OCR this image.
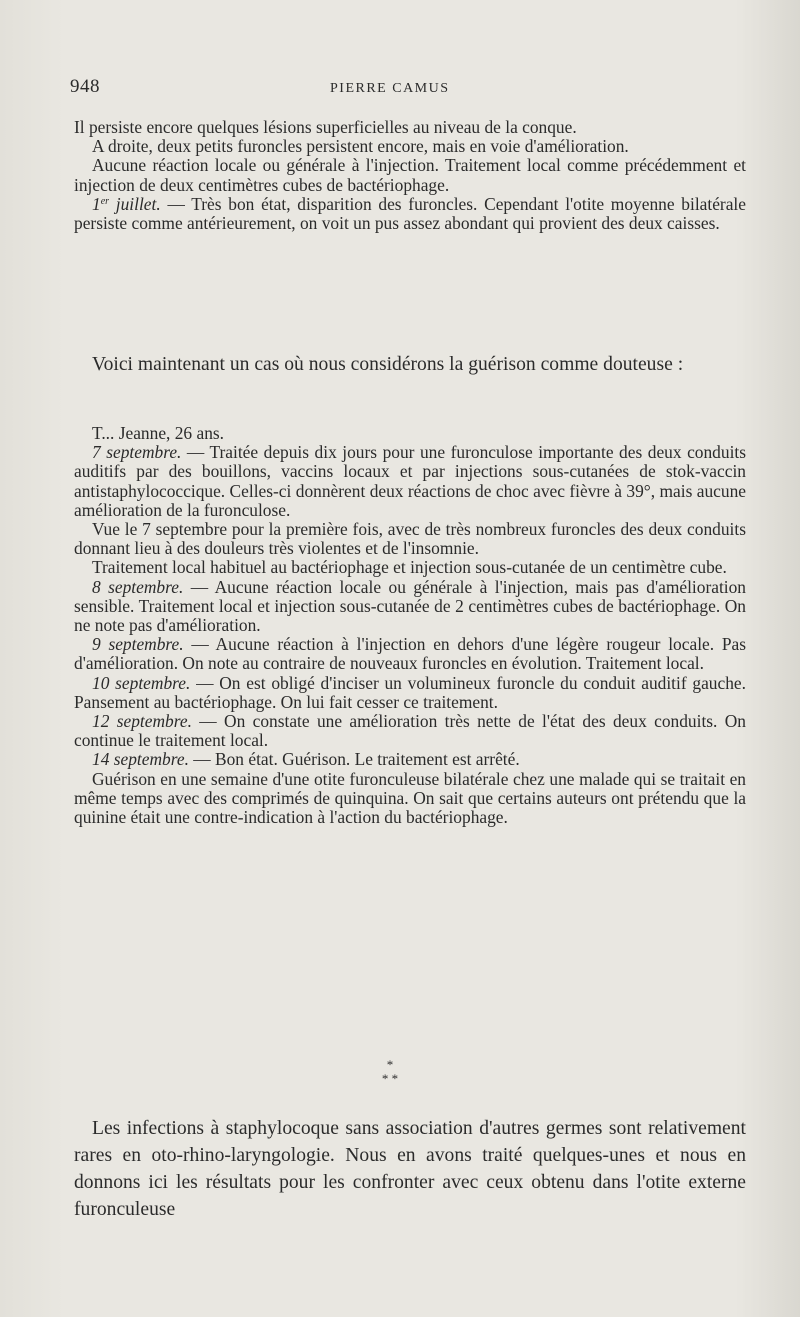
948	PIERRE CAMUS

Il persiste encore quelques lésions superficielles au niveau de la conque.

A droite, deux petits furoncles persistent encore, mais en voie d'amélioration.

Aucune réaction locale ou générale à l'injection. Traitement local comme précédemment et injection de deux centimètres cubes de bactériophage.

1er juillet. — Très bon état, disparition des furoncles. Cependant l'otite moyenne bilatérale persiste comme antérieurement, on voit un pus assez abondant qui provient des deux caisses.

Voici maintenant un cas où nous considérons la guérison comme douteuse :

T... Jeanne, 26 ans.

7 septembre. — Traitée depuis dix jours pour une furonculose importante des deux conduits auditifs par des bouillons, vaccins locaux et par injections sous-cutanées de stok-vaccin antistaphylococcique. Celles-ci donnèrent deux réactions de choc avec fièvre à 39°, mais aucune amélioration de la furonculose.

Vue le 7 septembre pour la première fois, avec de très nombreux furoncles des deux conduits donnant lieu à des douleurs très violentes et de l'insomnie.

Traitement local habituel au bactériophage et injection sous-cutanée de un centimètre cube.

8 septembre. — Aucune réaction locale ou générale à l'injection, mais pas d'amélioration sensible. Traitement local et injection sous-cutanée de 2 centimètres cubes de bactériophage. On ne note pas d'amélioration.

9 septembre. — Aucune réaction à l'injection en dehors d'une légère rougeur locale. Pas d'amélioration. On note au contraire de nouveaux furoncles en évolution. Traitement local.

10 septembre. — On est obligé d'inciser un volumineux furoncle du conduit auditif gauche. Pansement au bactériophage. On lui fait cesser ce traitement.

12 septembre. — On constate une amélioration très nette de l'état des deux conduits. On continue le traitement local.

14 septembre. — Bon état. Guérison. Le traitement est arrêté.

Guérison en une semaine d'une otite furonculeuse bilatérale chez une malade qui se traitait en même temps avec des comprimés de quinquina. On sait que certains auteurs ont prétendu que la quinine était une contre-indication à l'action du bactériophage.

*
* *

Les infections à staphylocoque sans association d'autres germes sont relativement rares en oto-rhino-laryngologie. Nous en avons traité quelques-unes et nous en donnons ici les résultats pour les confronter avec ceux obtenu dans l'otite externe furonculeuse
